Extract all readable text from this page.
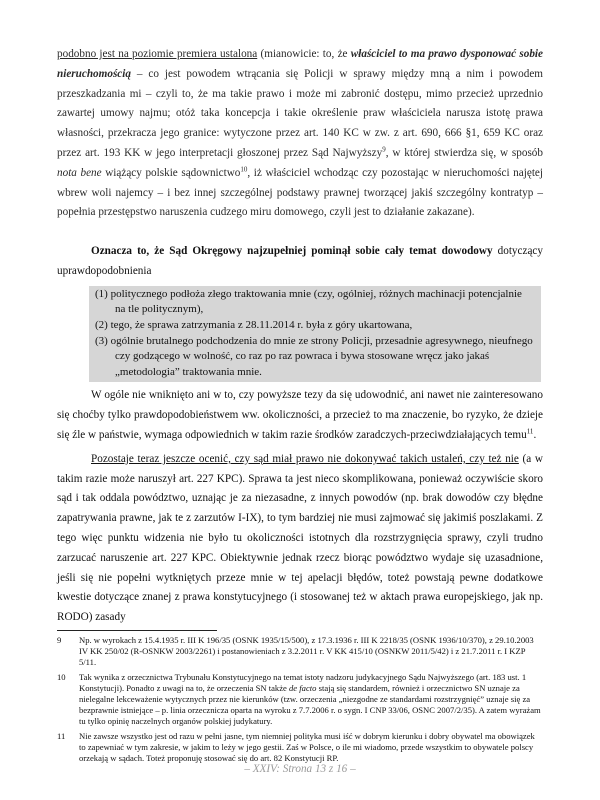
podobno jest na poziomie premiera ustalona (mianowicie: to, że właściciel to ma prawo dysponować sobie nieruchomością – co jest powodem wtrącania się Policji w sprawy między mną a nim i powodem przeszkadzania mi – czyli to, że ma takie prawo i może mi zabronić dostępu, mimo przecież uprzednio zawartej umowy najmu; otóż taka koncepcja i takie określenie praw właściciela narusza istotę prawa własności, przekracza jego granice: wytyczone przez art. 140 KC w zw. z art. 690, 666 §1, 659 KC oraz przez art. 193 KK w jego interpretacji głoszonej przez Sąd Najwyższy$^9$, w której stwierdza się, w sposób nota bene wiążący polskie sądownictwo$^{10}$, iż właściciel wchodząc czy pozostając w nieruchomości najętej wbrew woli najemcy – i bez innej szczególnej podstawy prawnej tworzącej jakiś szczególny kontratyp – popełnia przestępstwo naruszenia cudzego miru domowego, czyli jest to działanie zakazane).

Oznacza to, że Sąd Okręgowy najzupełniej pominął sobie cały temat dowodowy dotyczący uprawdopodobnienia

(1) politycznego podłoża złego traktowania mnie (czy, ogólniej, różnych machinacji potencjalnie na tle politycznym),

(2) tego, że sprawa zatrzymania z 28.11.2014 r. była z góry ukartowana,

(3) ogólnie brutalnego podchodzenia do mnie ze strony Policji, przesadnie agresywnego, nieufnego czy godzącego w wolność, co raz po raz powraca i bywa stosowane wręcz jako jakaś „metodologia” traktowania mnie.

W ogóle nie wniknięto ani w to, czy powyższe tezy da się udowodnić, ani nawet nie zainteresowano się choćby tylko prawdopodobieństwem ww. okoliczności, a przecież to ma znaczenie, bo ryzyko, że dzieje się źle w państwie, wymaga odpowiednich w takim razie środków zaradczych-przeciwdziałających temu$^{11}$.

Pozostaje teraz jeszcze ocenić, czy sąd miał prawo nie dokonywać takich ustaleń, czy też nie (a w takim razie może naruszył art. 227 KPC). Sprawa ta jest nieco skomplikowana, ponieważ oczywiście skoro sąd i tak oddala powództwo, uznając je za niezasadne, z innych powodów (np. brak dowodów czy błędne zapatrywania prawne, jak te z zarzutów I-IX), to tym bardziej nie musi zajmować się jakimiś poszlakami. Z tego więc punktu widzenia nie było tu okoliczności istotnych dla rozstrzygnięcia sprawy, czyli trudno zarzucać naruszenie art. 227 KPC. Obiektywnie jednak rzecz biorąc powództwo wydaje się uzasadnione, jeśli się nie popełni wytkniętych przeze mnie w tej apelacji błędów, toteż powstają pewne dodatkowe kwestie dotyczące znanej z prawa konstytucyjnego (i stosowanej też w aktach prawa europejskiego, jak np. RODO) zasady

9	Np. w wyrokach z 15.4.1935 r. III K 196/35 (OSNK 1935/15/500), z 17.3.1936 r. III K 2218/35 (OSNK 1936/10/370), z 29.10.2003 IV KK 250/02 (R-OSNKW 2003/2261) i postanowieniach z 3.2.2011 r. V KK 415/10 (OSNKW 2011/5/42) i z 21.7.2011 r. I KZP 5/11.
10	Tak wynika z orzecznictwa Trybunału Konstytucyjnego na temat istoty nadzoru judykacyjnego Sądu Najwyższego (art. 183 ust. 1 Konstytucji). Ponadto z uwagi na to, że orzeczenia SN także de facto stają się standardem, również i orzecznictwo SN uznaje za nielegalne lekceważenie wytycznych przez nie kierunków (tzw. orzeczenia „niezgodne ze standardami rozstrzygnięć” uznaje się za bezprawnie istniejące – p. linia orzecznicza oparta na wyroku z 7.7.2006 r. o sygn. I CNP 33/06, OSNC 2007/2/35). A zatem wyrażam tu tylko opinię naczelnych organów polskiej judykatury.
11	Nie zawsze wszystko jest od razu w pełni jasne, tym niemniej polityka musi iść w dobrym kierunku i dobry obywatel ma obowiązek to zapewniać w tym zakresie, w jakim to leży w jego gestii. Zaś w Polsce, o ile mi wiadomo, przede wszystkim to obywatele polscy orzekają w sądach. Toteż proponuję stosować się do art. 82 Konstytucji RP.
– XXIV: Strona 13 z 16 –
